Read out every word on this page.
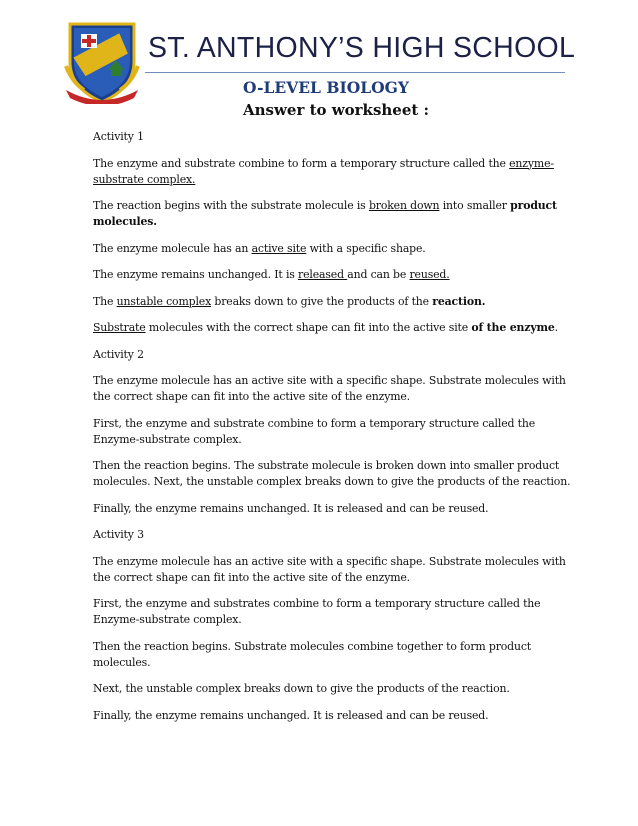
ST. ANTHONY’S HIGH SCHOOL
O-LEVEL BIOLOGY
Answer to worksheet :

Activity 1

The enzyme and substrate combine to form a temporary structure called the enzyme-substrate complex.

The reaction begins with the substrate molecule is broken down into smaller product molecules.

The enzyme molecule has an active site with a specific shape.

The enzyme remains unchanged. It is released and can be reused.

The unstable complex breaks down to give the products of the reaction.

Substrate molecules with the correct shape can fit into the active site of the enzyme.

Activity 2

The enzyme molecule has an active site with a specific shape. Substrate molecules with the correct shape can fit into the active site of the enzyme.

First, the enzyme and substrate combine to form a temporary structure called the Enzyme-substrate complex.

Then the reaction begins. The substrate molecule is broken down into smaller product molecules. Next, the unstable complex breaks down to give the products of the reaction.

Finally, the enzyme remains unchanged. It is released and can be reused.

Activity 3

The enzyme molecule has an active site with a specific shape. Substrate molecules with the correct shape can fit into the active site of the enzyme.

First, the enzyme and substrates combine to form a temporary structure called the Enzyme-substrate complex.

Then the reaction begins. Substrate molecules combine together to form product molecules.

Next, the unstable complex breaks down to give the products of the reaction.

Finally, the enzyme remains unchanged. It is released and can be reused.
